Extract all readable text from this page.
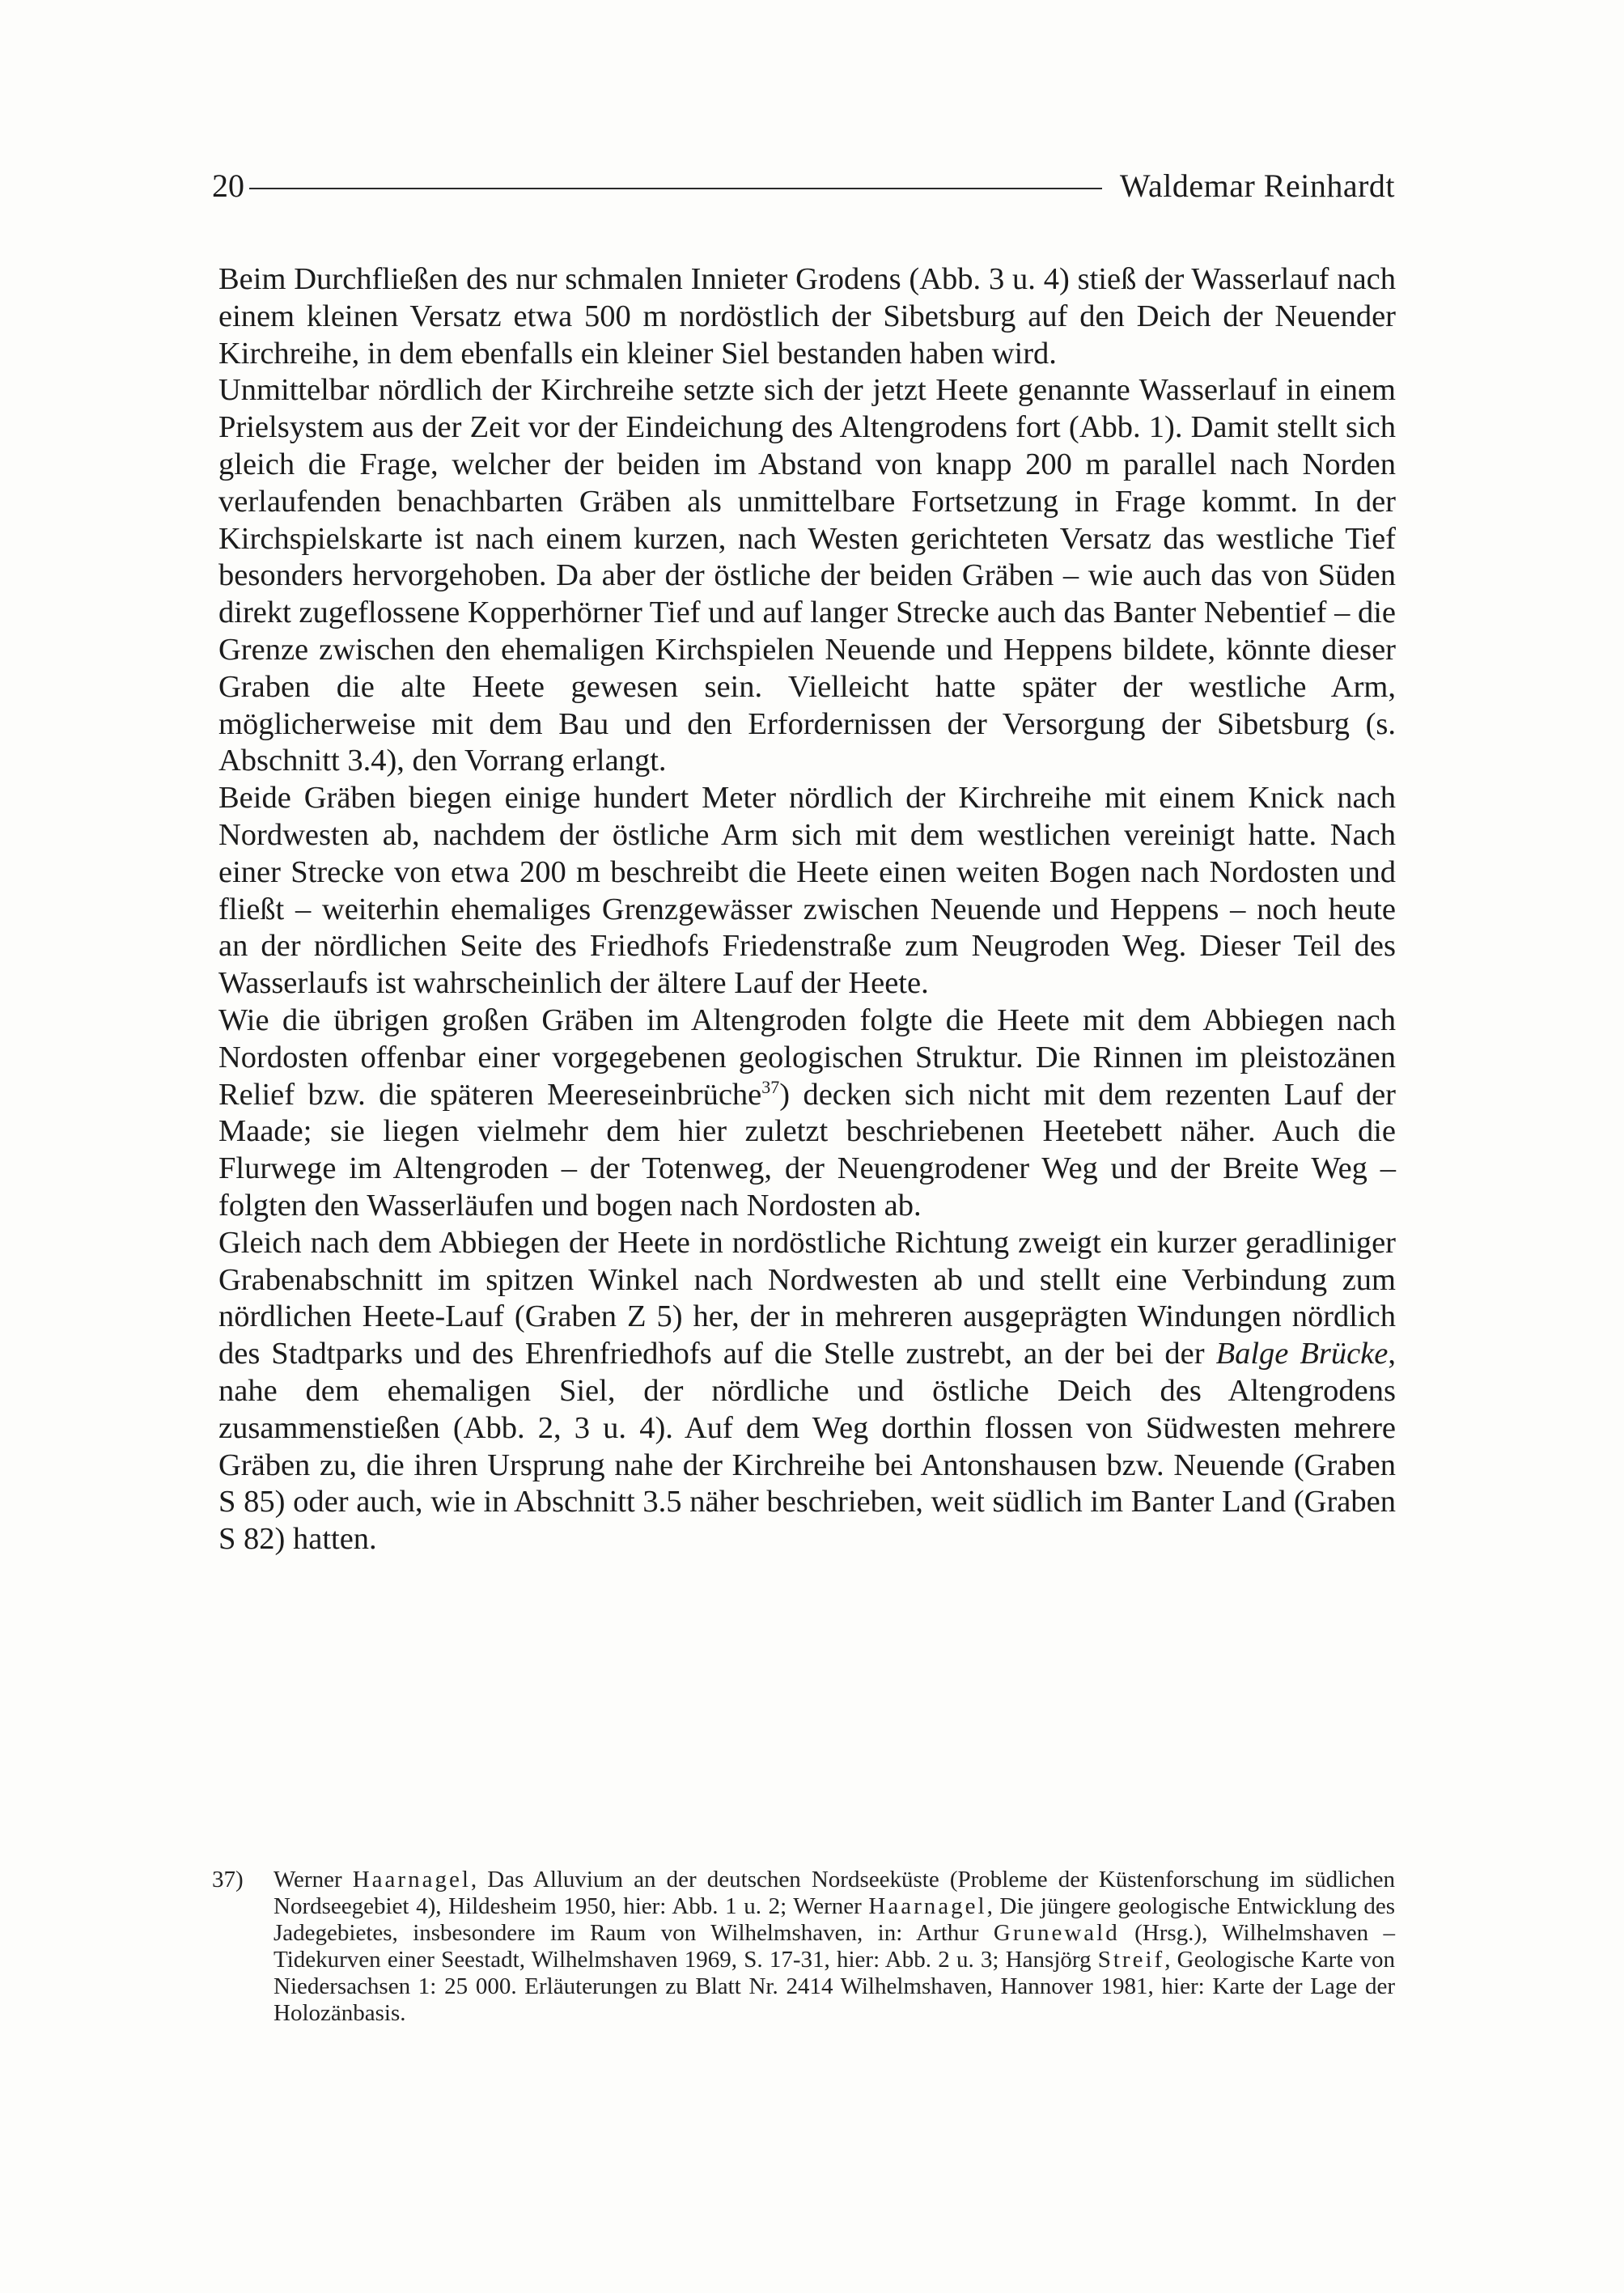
20	Waldemar Reinhardt

Beim Durchfließen des nur schmalen Innieter Grodens (Abb. 3 u. 4) stieß der Wasserlauf nach einem kleinen Versatz etwa 500 m nordöstlich der Sibetsburg auf den Deich der Neuender Kirchreihe, in dem ebenfalls ein kleiner Siel bestanden haben wird.

Unmittelbar nördlich der Kirchreihe setzte sich der jetzt Heete genannte Wasserlauf in einem Prielsystem aus der Zeit vor der Eindeichung des Altengrodens fort (Abb. 1). Damit stellt sich gleich die Frage, welcher der beiden im Abstand von knapp 200 m parallel nach Norden verlaufenden benachbarten Gräben als unmittelbare Fortsetzung in Frage kommt. In der Kirchspielskarte ist nach einem kurzen, nach Westen gerichteten Versatz das westliche Tief besonders hervorgehoben. Da aber der östliche der beiden Gräben – wie auch das von Süden direkt zugeflossene Kopperhörner Tief und auf langer Strecke auch das Banter Nebentief – die Grenze zwischen den ehemaligen Kirchspielen Neuende und Heppens bildete, könnte dieser Graben die alte Heete gewesen sein. Vielleicht hatte später der westliche Arm, möglicherweise mit dem Bau und den Erfordernissen der Versorgung der Sibetsburg (s. Abschnitt 3.4), den Vorrang erlangt.

Beide Gräben biegen einige hundert Meter nördlich der Kirchreihe mit einem Knick nach Nordwesten ab, nachdem der östliche Arm sich mit dem westlichen vereinigt hatte. Nach einer Strecke von etwa 200 m beschreibt die Heete einen weiten Bogen nach Nordosten und fließt – weiterhin ehemaliges Grenzgewässer zwischen Neuende und Heppens – noch heute an der nördlichen Seite des Friedhofs Friedenstraße zum Neugroden Weg. Dieser Teil des Wasserlaufs ist wahrscheinlich der ältere Lauf der Heete.

Wie die übrigen großen Gräben im Altengroden folgte die Heete mit dem Abbiegen nach Nordosten offenbar einer vorgegebenen geologischen Struktur. Die Rinnen im pleistozänen Relief bzw. die späteren Meereseinbrüche$^{37}$) decken sich nicht mit dem rezenten Lauf der Maade; sie liegen vielmehr dem hier zuletzt beschriebenen Heetebett näher. Auch die Flurwege im Altengroden – der Totenweg, der Neuengrodener Weg und der Breite Weg – folgten den Wasserläufen und bogen nach Nordosten ab.

Gleich nach dem Abbiegen der Heete in nordöstliche Richtung zweigt ein kurzer geradliniger Grabenabschnitt im spitzen Winkel nach Nordwesten ab und stellt eine Verbindung zum nördlichen Heete-Lauf (Graben Z 5) her, der in mehreren ausgeprägten Windungen nördlich des Stadtparks und des Ehrenfriedhofs auf die Stelle zustrebt, an der bei der Balge Brücke, nahe dem ehemaligen Siel, der nördliche und östliche Deich des Altengrodens zusammenstießen (Abb. 2, 3 u. 4). Auf dem Weg dorthin flossen von Südwesten mehrere Gräben zu, die ihren Ursprung nahe der Kirchreihe bei Antonshausen bzw. Neuende (Graben S 85) oder auch, wie in Abschnitt 3.5 näher beschrieben, weit südlich im Banter Land (Graben S 82) hatten.

37)	Werner Haarnagel, Das Alluvium an der deutschen Nordseeküste (Probleme der Küstenforschung im südlichen Nordseegebiet 4), Hildesheim 1950, hier: Abb. 1 u. 2; Werner Haarnagel, Die jüngere geologische Entwicklung des Jadegebietes, insbesondere im Raum von Wilhelmshaven, in: Arthur Grunewald (Hrsg.), Wilhelmshaven – Tidekurven einer Seestadt, Wilhelmshaven 1969, S. 17-31, hier: Abb. 2 u. 3; Hansjörg Streif, Geologische Karte von Niedersachsen 1: 25 000. Erläuterungen zu Blatt Nr. 2414 Wilhelmshaven, Hannover 1981, hier: Karte der Lage der Holozänbasis.
